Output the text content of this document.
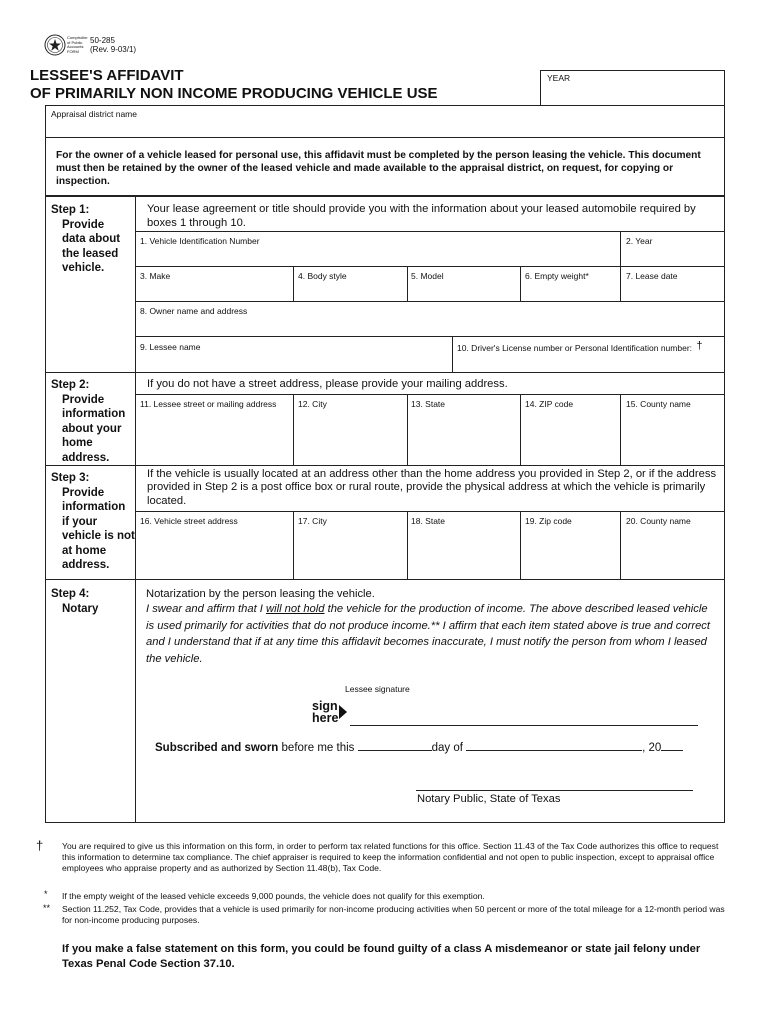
Comptroller
of Public
Accounts
FORM
50-285
(Rev. 9-03/1)
LESSEE'S AFFIDAVIT
OF PRIMARILY NON INCOME PRODUCING VEHICLE USE
YEAR
Appraisal district name
For the owner of a vehicle leased for personal use, this affidavit must be completed by the person leasing the vehicle. This document must then be retained by the owner of the leased vehicle and made available to the appraisal district, on request, for copying or inspection.
Step 1:
Provide
data about
the leased
vehicle.
Step 2:
Provide
information
about your
home
address.
Step 3:
Provide
information
if your
vehicle is not
at home
address.
Step 4:
Notary
Your lease agreement or title should provide you with the information about your leased automobile required by boxes 1 through 10.
1. Vehicle Identification Number	2. Year
3. Make	4. Body style	5. Model	6. Empty weight*	7. Lease date
8. Owner name and address
9. Lessee name	10. Driver's License number or Personal Identification number: †
If you do not have a street address, please provide your mailing address.
11. Lessee street or mailing address	12. City	13. State	14. ZIP code	15. County name
If the vehicle is usually located at an address other than the home address you provided in Step 2, or if the address provided in Step 2 is a post office box or rural route, provide the physical address at which the vehicle is primarily located.
16. Vehicle street address	17. City	18. State	19. Zip code	20. County name
Notarization by the person leasing the vehicle.
I swear and affirm that I will not hold the vehicle for the production of income. The above described leased vehicle is used primarily for activities that do not produce income.** I affirm that each item stated above is true and correct and I understand that if at any time this affidavit becomes inaccurate, I must notify the person from whom I leased the vehicle.
Lessee signature
sign
here
Subscribed and sworn before me this	day of	, 20
Notary Public, State of Texas
† You are required to give us this information on this form, in order to perform tax related functions for this office. Section 11.43 of the Tax Code authorizes this office to request this information to determine tax compliance. The chief appraiser is required to keep the information confidential and not open to public inspection, except to appraisal office employees who appraise property and as authorized by Section 11.48(b), Tax Code.
* If the empty weight of the leased vehicle exceeds 9,000 pounds, the vehicle does not qualify for this exemption.
** Section 11.252, Tax Code, provides that a vehicle is used primarily for non-income producing activities when 50 percent or more of the total mileage for a 12-month period was for non-income producing purposes.
If you make a false statement on this form, you could be found guilty of a class A misdemeanor or state jail felony under Texas Penal Code Section 37.10.
